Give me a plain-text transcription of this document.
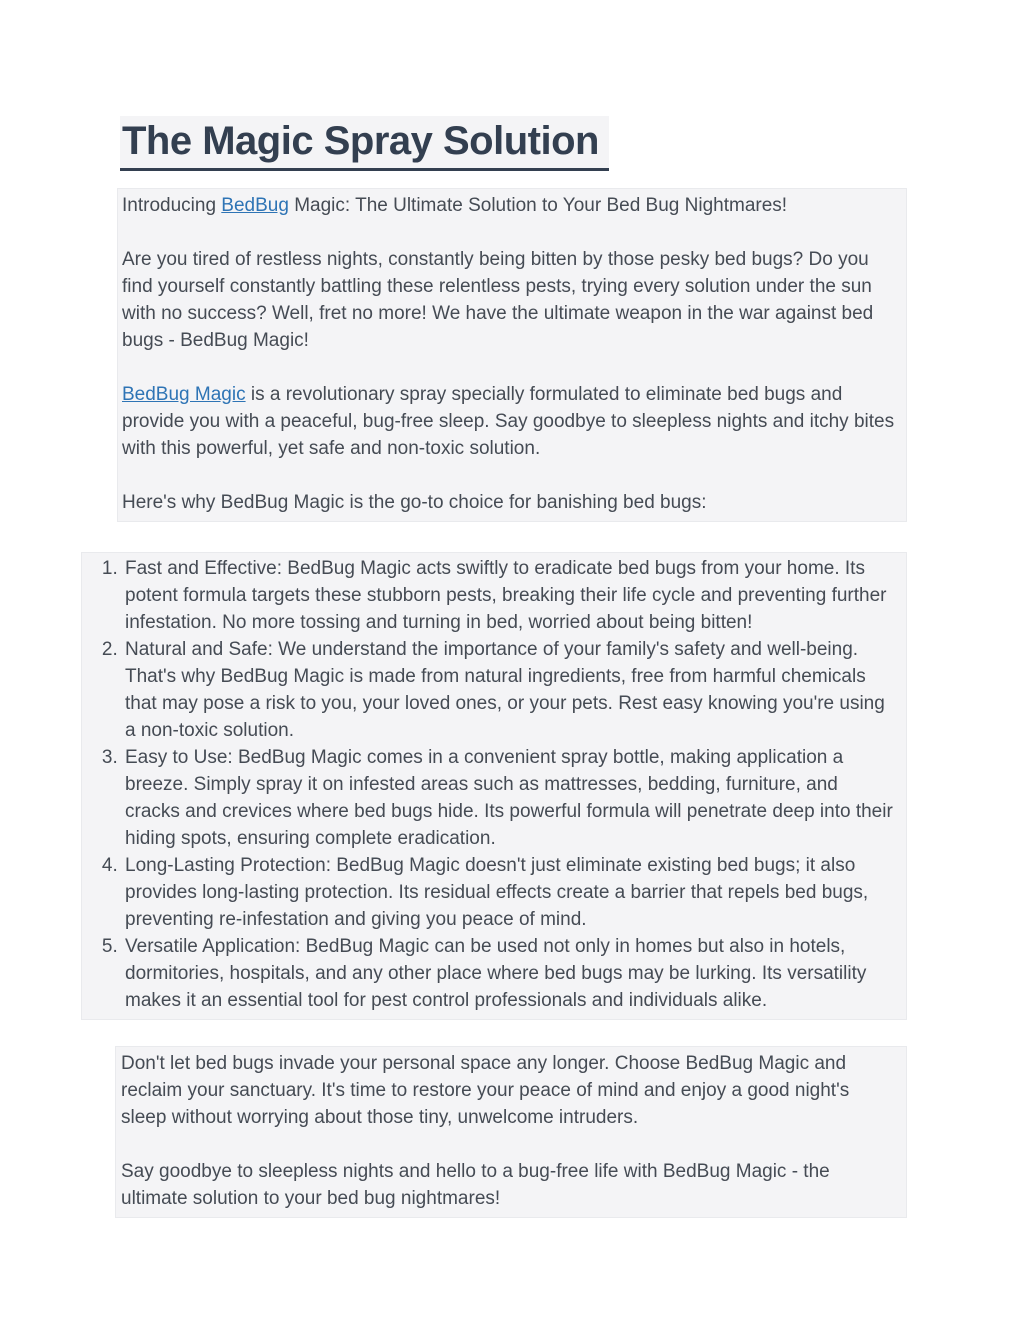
The Magic Spray Solution

Introducing BedBug Magic: The Ultimate Solution to Your Bed Bug Nightmares!

Are you tired of restless nights, constantly being bitten by those pesky bed bugs? Do you find yourself constantly battling these relentless pests, trying every solution under the sun with no success? Well, fret no more! We have the ultimate weapon in the war against bed bugs - BedBug Magic!

BedBug Magic is a revolutionary spray specially formulated to eliminate bed bugs and provide you with a peaceful, bug-free sleep. Say goodbye to sleepless nights and itchy bites with this powerful, yet safe and non-toxic solution.

Here's why BedBug Magic is the go-to choice for banishing bed bugs:

1. Fast and Effective: BedBug Magic acts swiftly to eradicate bed bugs from your home. Its potent formula targets these stubborn pests, breaking their life cycle and preventing further infestation. No more tossing and turning in bed, worried about being bitten!
2. Natural and Safe: We understand the importance of your family's safety and well-being. That's why BedBug Magic is made from natural ingredients, free from harmful chemicals that may pose a risk to you, your loved ones, or your pets. Rest easy knowing you're using a non-toxic solution.
3. Easy to Use: BedBug Magic comes in a convenient spray bottle, making application a breeze. Simply spray it on infested areas such as mattresses, bedding, furniture, and cracks and crevices where bed bugs hide. Its powerful formula will penetrate deep into their hiding spots, ensuring complete eradication.
4. Long-Lasting Protection: BedBug Magic doesn't just eliminate existing bed bugs; it also provides long-lasting protection. Its residual effects create a barrier that repels bed bugs, preventing re-infestation and giving you peace of mind.
5. Versatile Application: BedBug Magic can be used not only in homes but also in hotels, dormitories, hospitals, and any other place where bed bugs may be lurking. Its versatility makes it an essential tool for pest control professionals and individuals alike.

Don't let bed bugs invade your personal space any longer. Choose BedBug Magic and reclaim your sanctuary. It's time to restore your peace of mind and enjoy a good night's sleep without worrying about those tiny, unwelcome intruders.

Say goodbye to sleepless nights and hello to a bug-free life with BedBug Magic - the ultimate solution to your bed bug nightmares!
